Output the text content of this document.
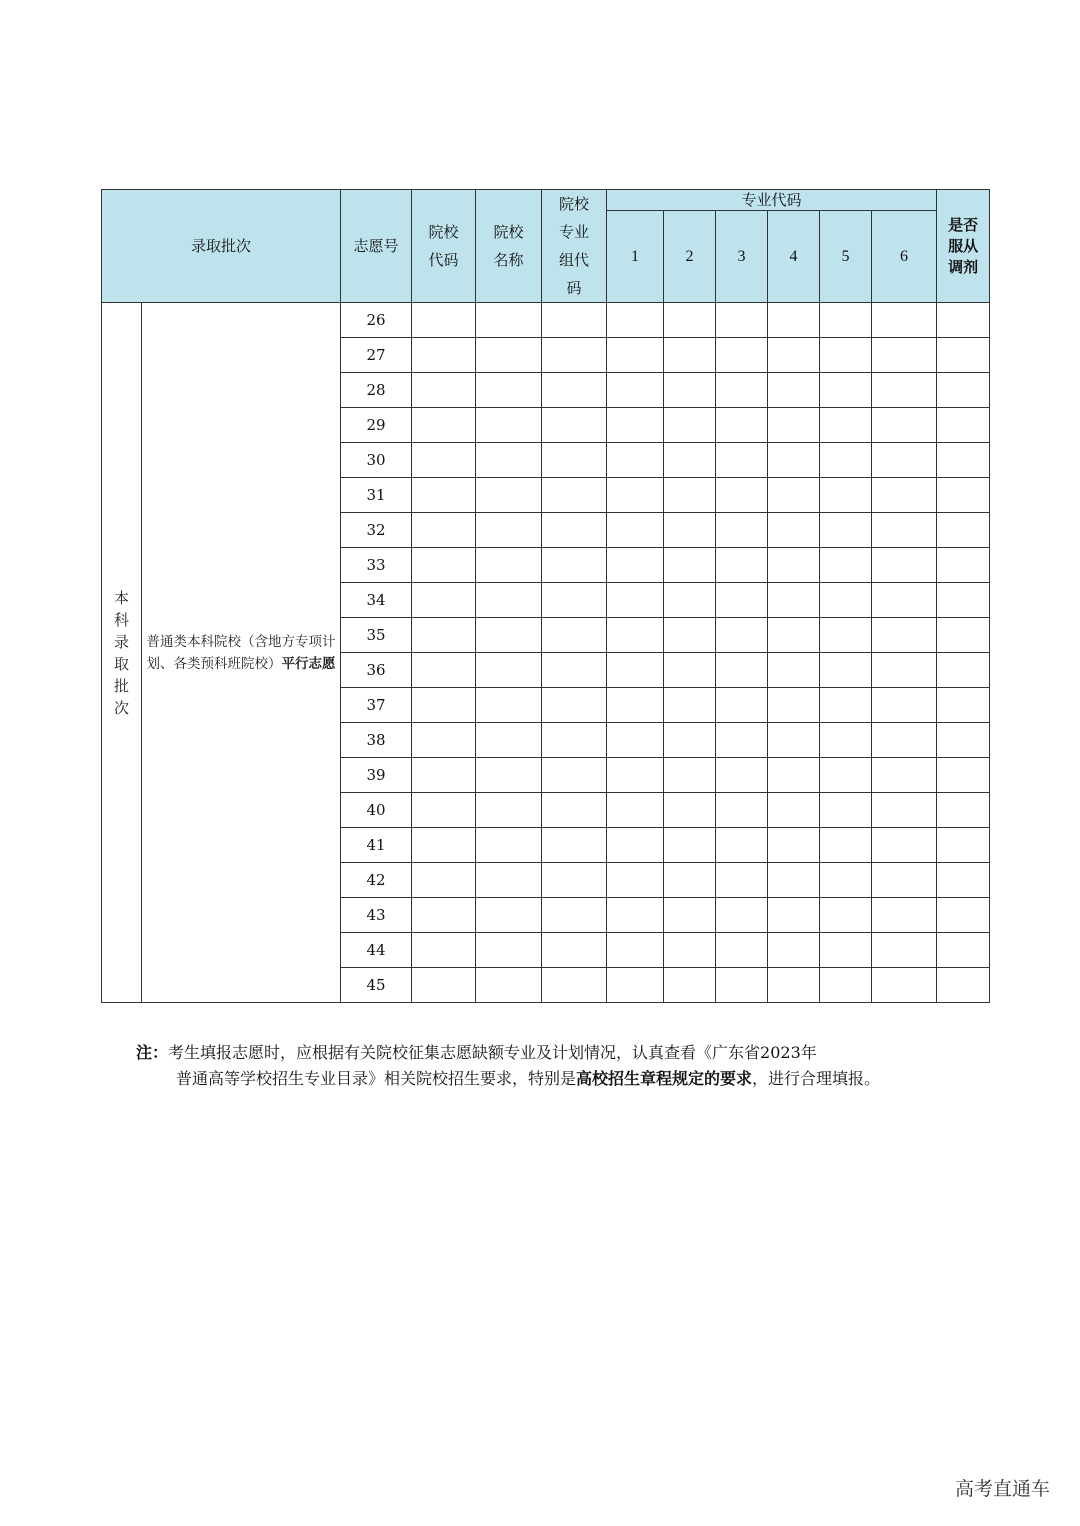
录取批次		志愿号	院校代码	院校名称	院校专业组代码	专业代码						是否服从调剂
						1	2	3	4	5	6	
本科录取批次	普通类本科院校（含地方专项计划、各类预科班院校）平行志愿	26										
		27										
		28										
		29										
		30										
		31										
		32										
		33										
		34										
		35										
		36										
		37										
		38										
		39										
		40										
		41										
		42										
		43										
		44										
		45										
注：考生填报志愿时，应根据有关院校征集志愿缺额专业及计划情况，认真查看《广东省2023年
普通高等学校招生专业目录》相关院校招生要求，特别是高校招生章程规定的要求，进行合理填报。
高考直通车
